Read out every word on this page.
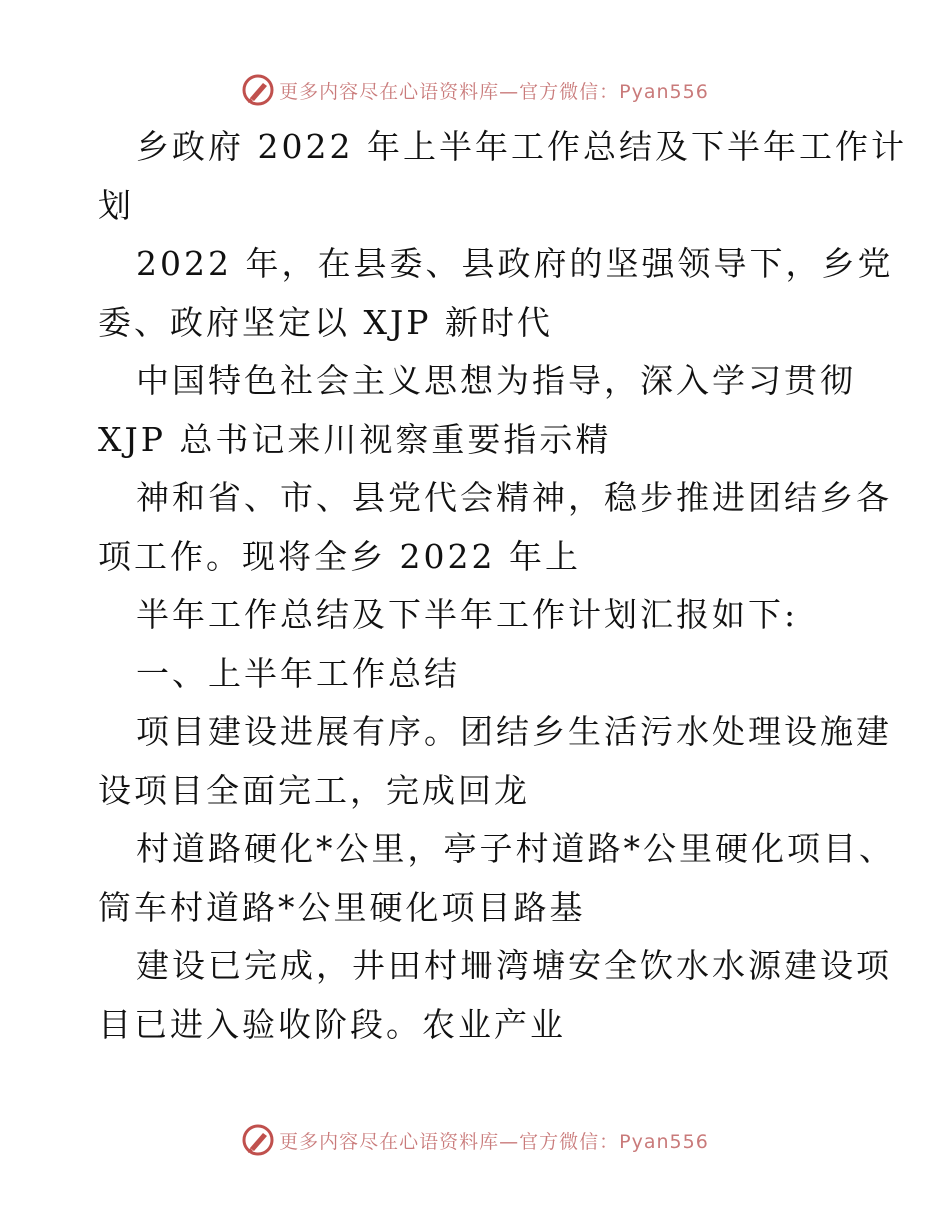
更多内容尽在心语资料库—官方微信：Pyan556
乡政府 2022 年上半年工作总结及下半年工作计
划
2022 年，在县委、县政府的坚强领导下，乡党
委、政府坚定以 XJP 新时代
中国特色社会主义思想为指导，深入学习贯彻
XJP 总书记来川视察重要指示精
神和省、市、县党代会精神，稳步推进团结乡各
项工作。现将全乡 2022 年上
半年工作总结及下半年工作计划汇报如下:
一、上半年工作总结
项目建设进展有序。团结乡生活污水处理设施建
设项目全面完工，完成回龙
村道路硬化*公里，亭子村道路*公里硬化项目、
筒车村道路*公里硬化项目路基
建设已完成，井田村𡊢湾塘安全饮水水源建设项
目已进入验收阶段。农业产业
更多内容尽在心语资料库—官方微信：Pyan556
